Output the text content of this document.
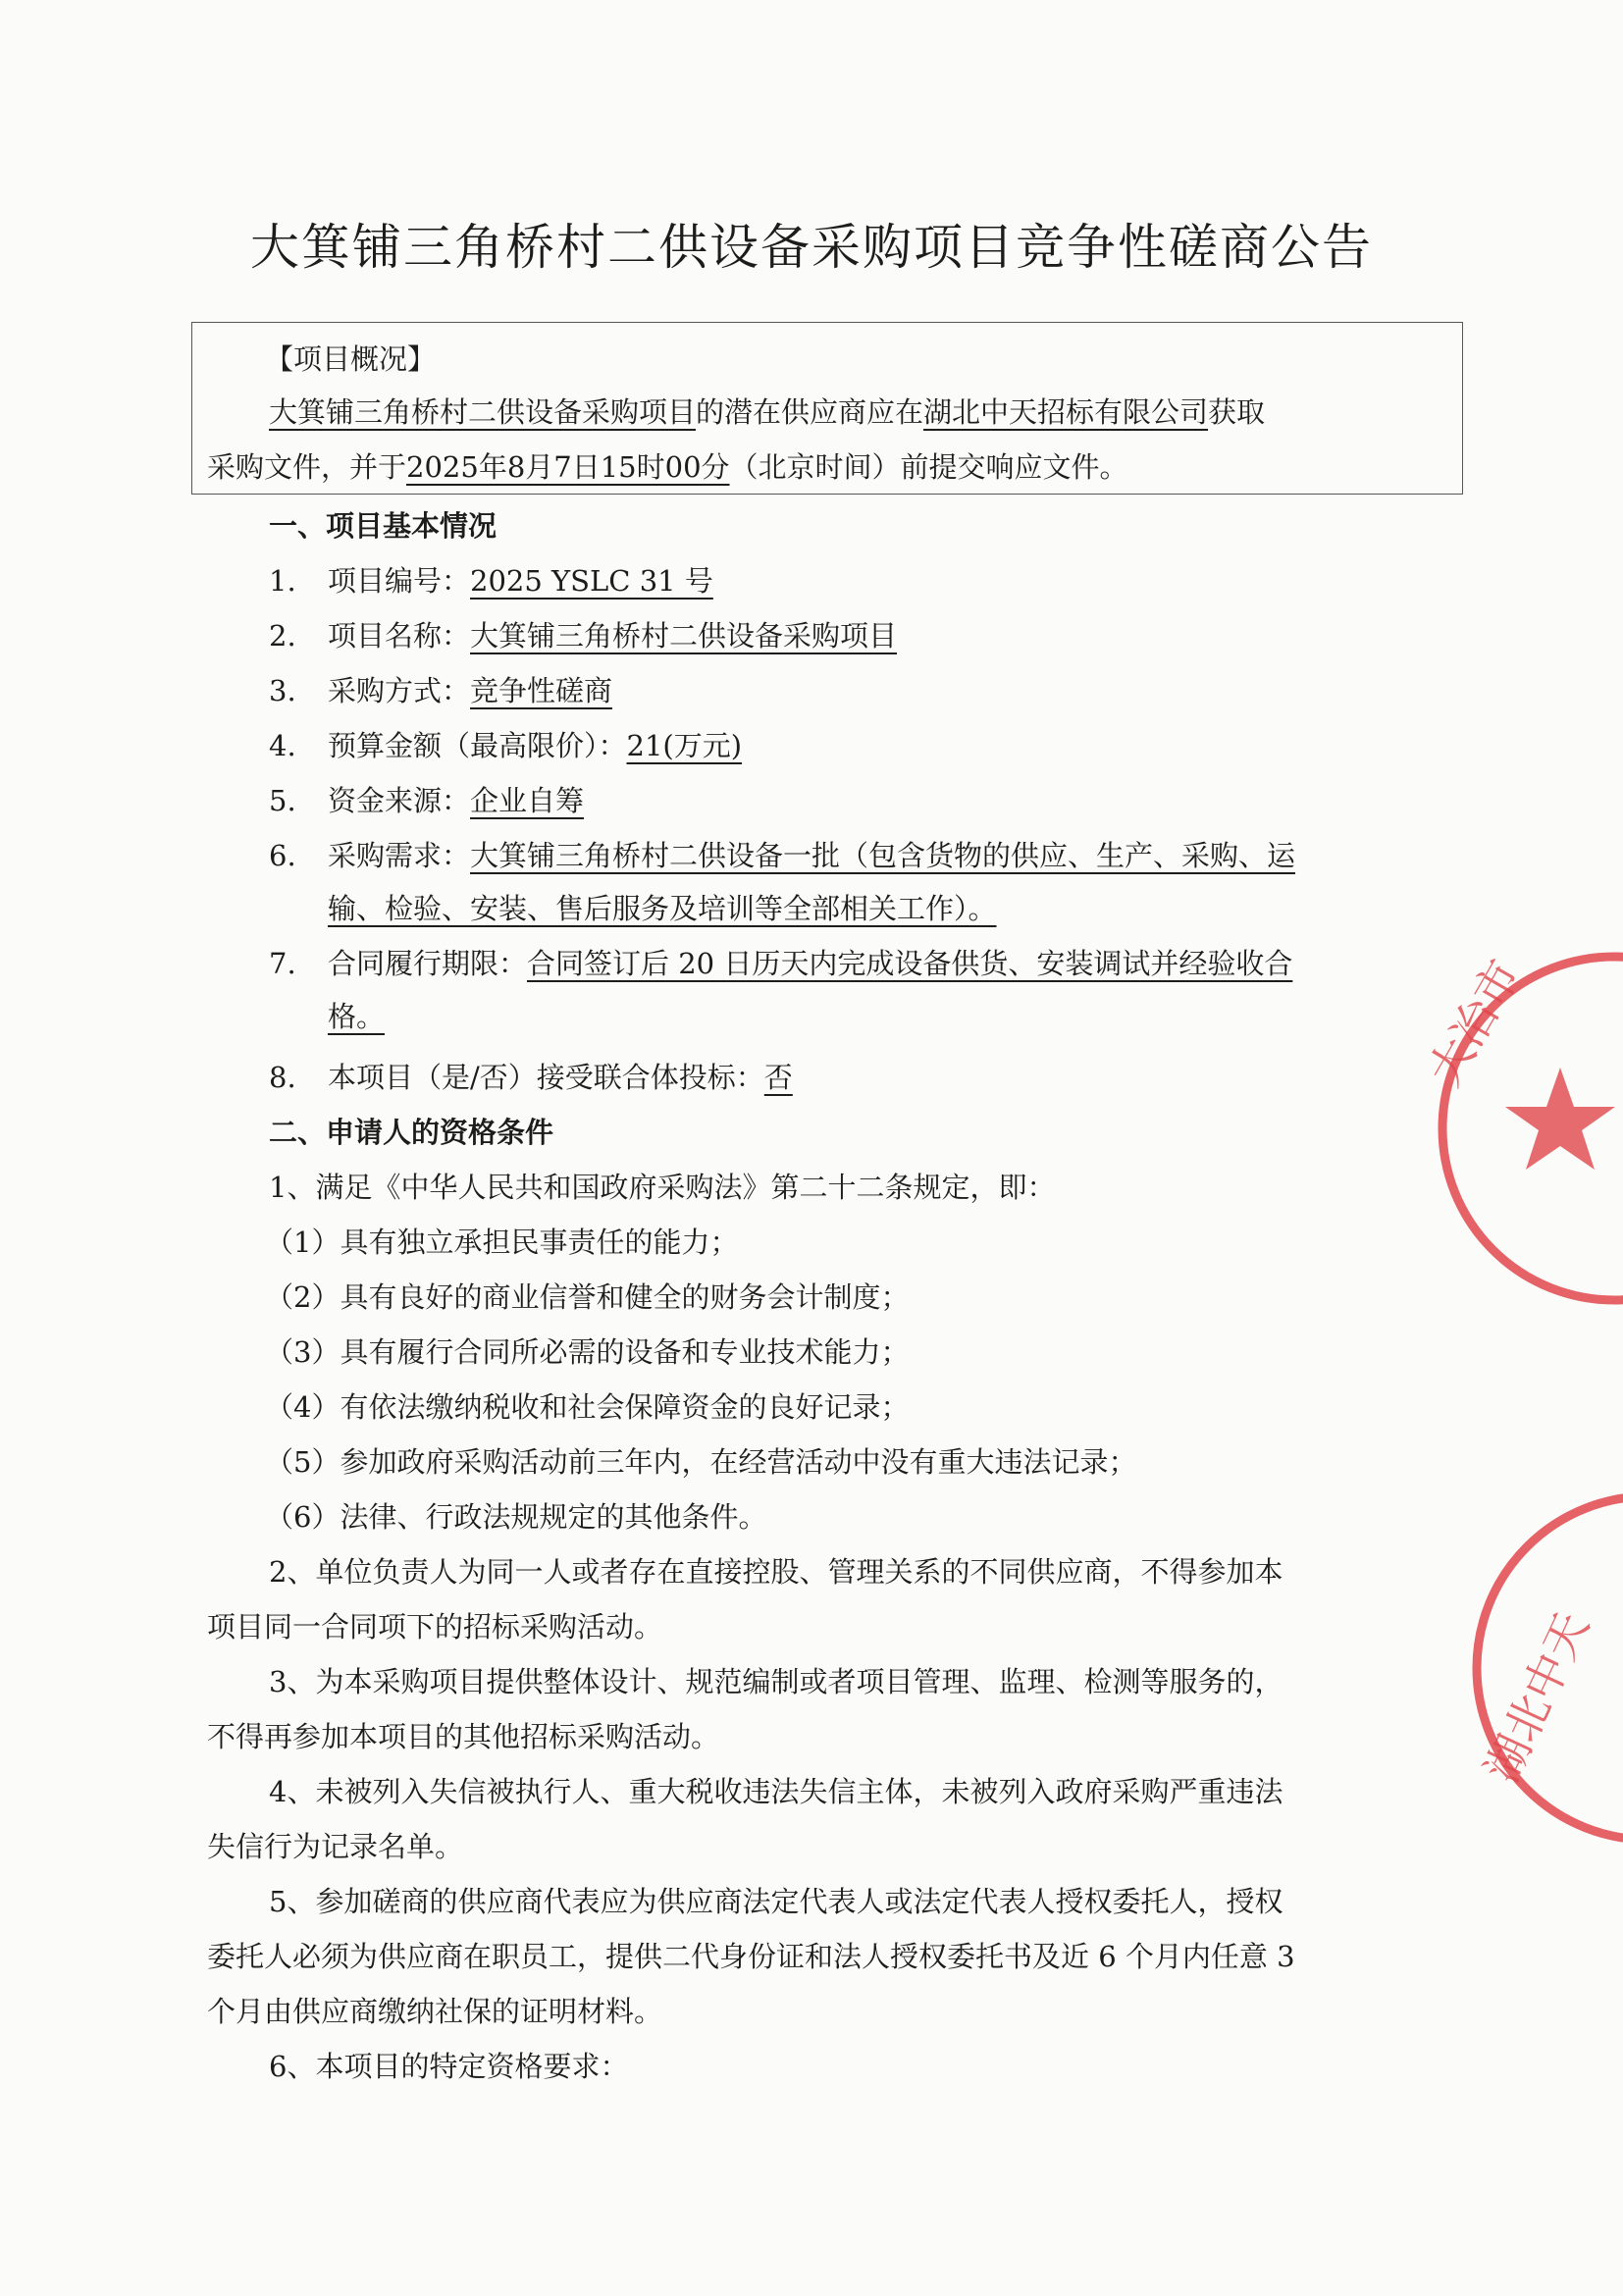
大箕铺三角桥村二供设备采购项目竞争性磋商公告
【项目概况】
大箕铺三角桥村二供设备采购项目的潜在供应商应在湖北中天招标有限公司获取
采购文件，并于2025年8月7日15时00分（北京时间）前提交响应文件。
一、项目基本情况
1. 项目编号：2025 YSLC 31 号
2. 项目名称：大箕铺三角桥村二供设备采购项目
3. 采购方式：竞争性磋商
4. 预算金额（最高限价）：21(万元)
5. 资金来源：企业自筹
6. 采购需求：大箕铺三角桥村二供设备一批（包含货物的供应、生产、采购、运
输、检验、安装、售后服务及培训等全部相关工作）。
7. 合同履行期限：合同签订后 20 日历天内完成设备供货、安装调试并经验收合
格。
8. 本项目（是/否）接受联合体投标：否
二、申请人的资格条件
1、满足《中华人民共和国政府采购法》第二十二条规定，即：
（1）具有独立承担民事责任的能力；
（2）具有良好的商业信誉和健全的财务会计制度；
（3）具有履行合同所必需的设备和专业技术能力；
（4）有依法缴纳税收和社会保障资金的良好记录；
（5）参加政府采购活动前三年内，在经营活动中没有重大违法记录；
（6）法律、行政法规规定的其他条件。
2、单位负责人为同一人或者存在直接控股、管理关系的不同供应商，不得参加本
项目同一合同项下的招标采购活动。
3、为本采购项目提供整体设计、规范编制或者项目管理、监理、检测等服务的，
不得再参加本项目的其他招标采购活动。
4、未被列入失信被执行人、重大税收违法失信主体，未被列入政府采购严重违法
失信行为记录名单。
5、参加磋商的供应商代表应为供应商法定代表人或法定代表人授权委托人，授权
委托人必须为供应商在职员工，提供二代身份证和法人授权委托书及近 6 个月内任意 3
个月由供应商缴纳社保的证明材料。
6、本项目的特定资格要求：
大冶市
湖北中天
